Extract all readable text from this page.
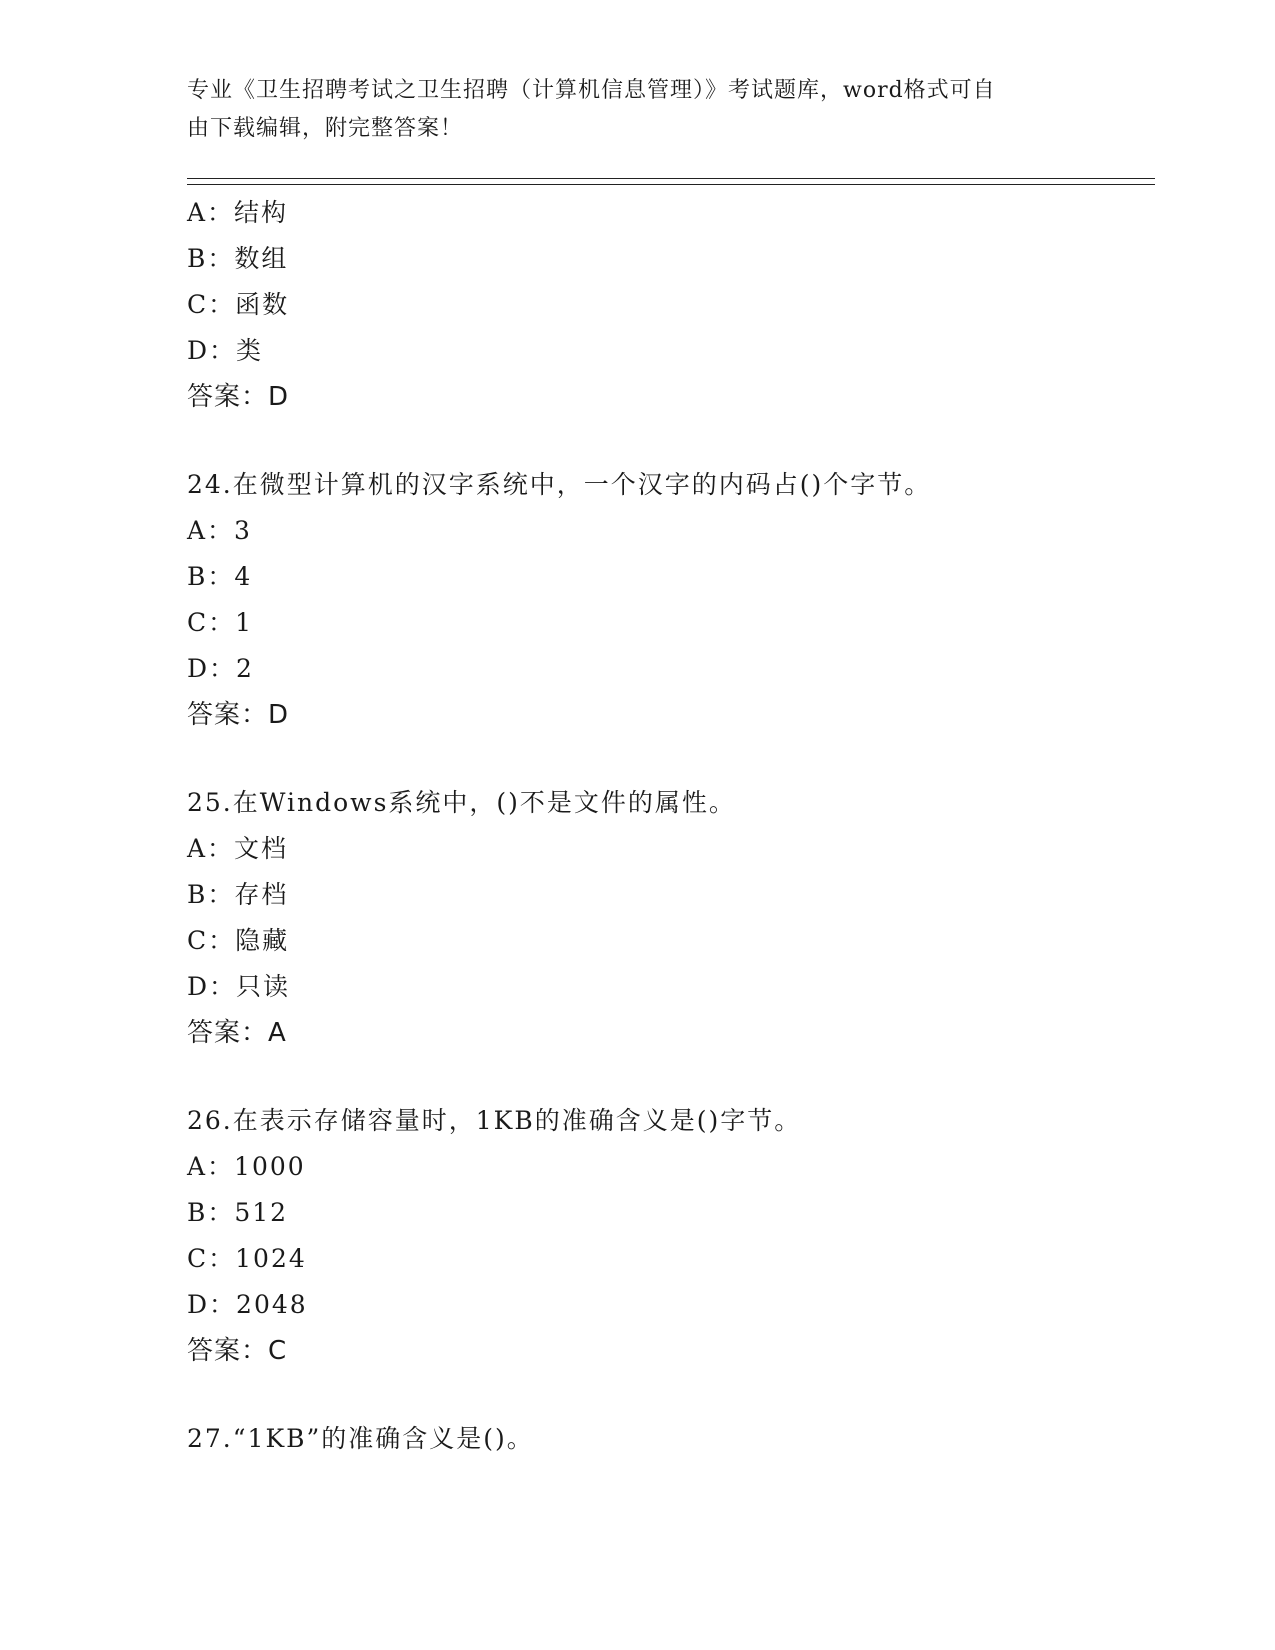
专业《卫生招聘考试之卫生招聘（计算机信息管理）》考试题库，word格式可自
由下载编辑，附完整答案！
A：结构
B：数组
C：函数
D：类
答案：D
24.在微型计算机的汉字系统中，一个汉字的内码占()个字节。
A：3
B：4
C：1
D：2
答案：D
25.在Windows系统中，()不是文件的属性。
A：文档
B：存档
C：隐藏
D：只读
答案：A
26.在表示存储容量时，1KB的准确含义是()字节。
A：1000
B：512
C：1024
D：2048
答案：C
27.“1KB”的准确含义是()。
